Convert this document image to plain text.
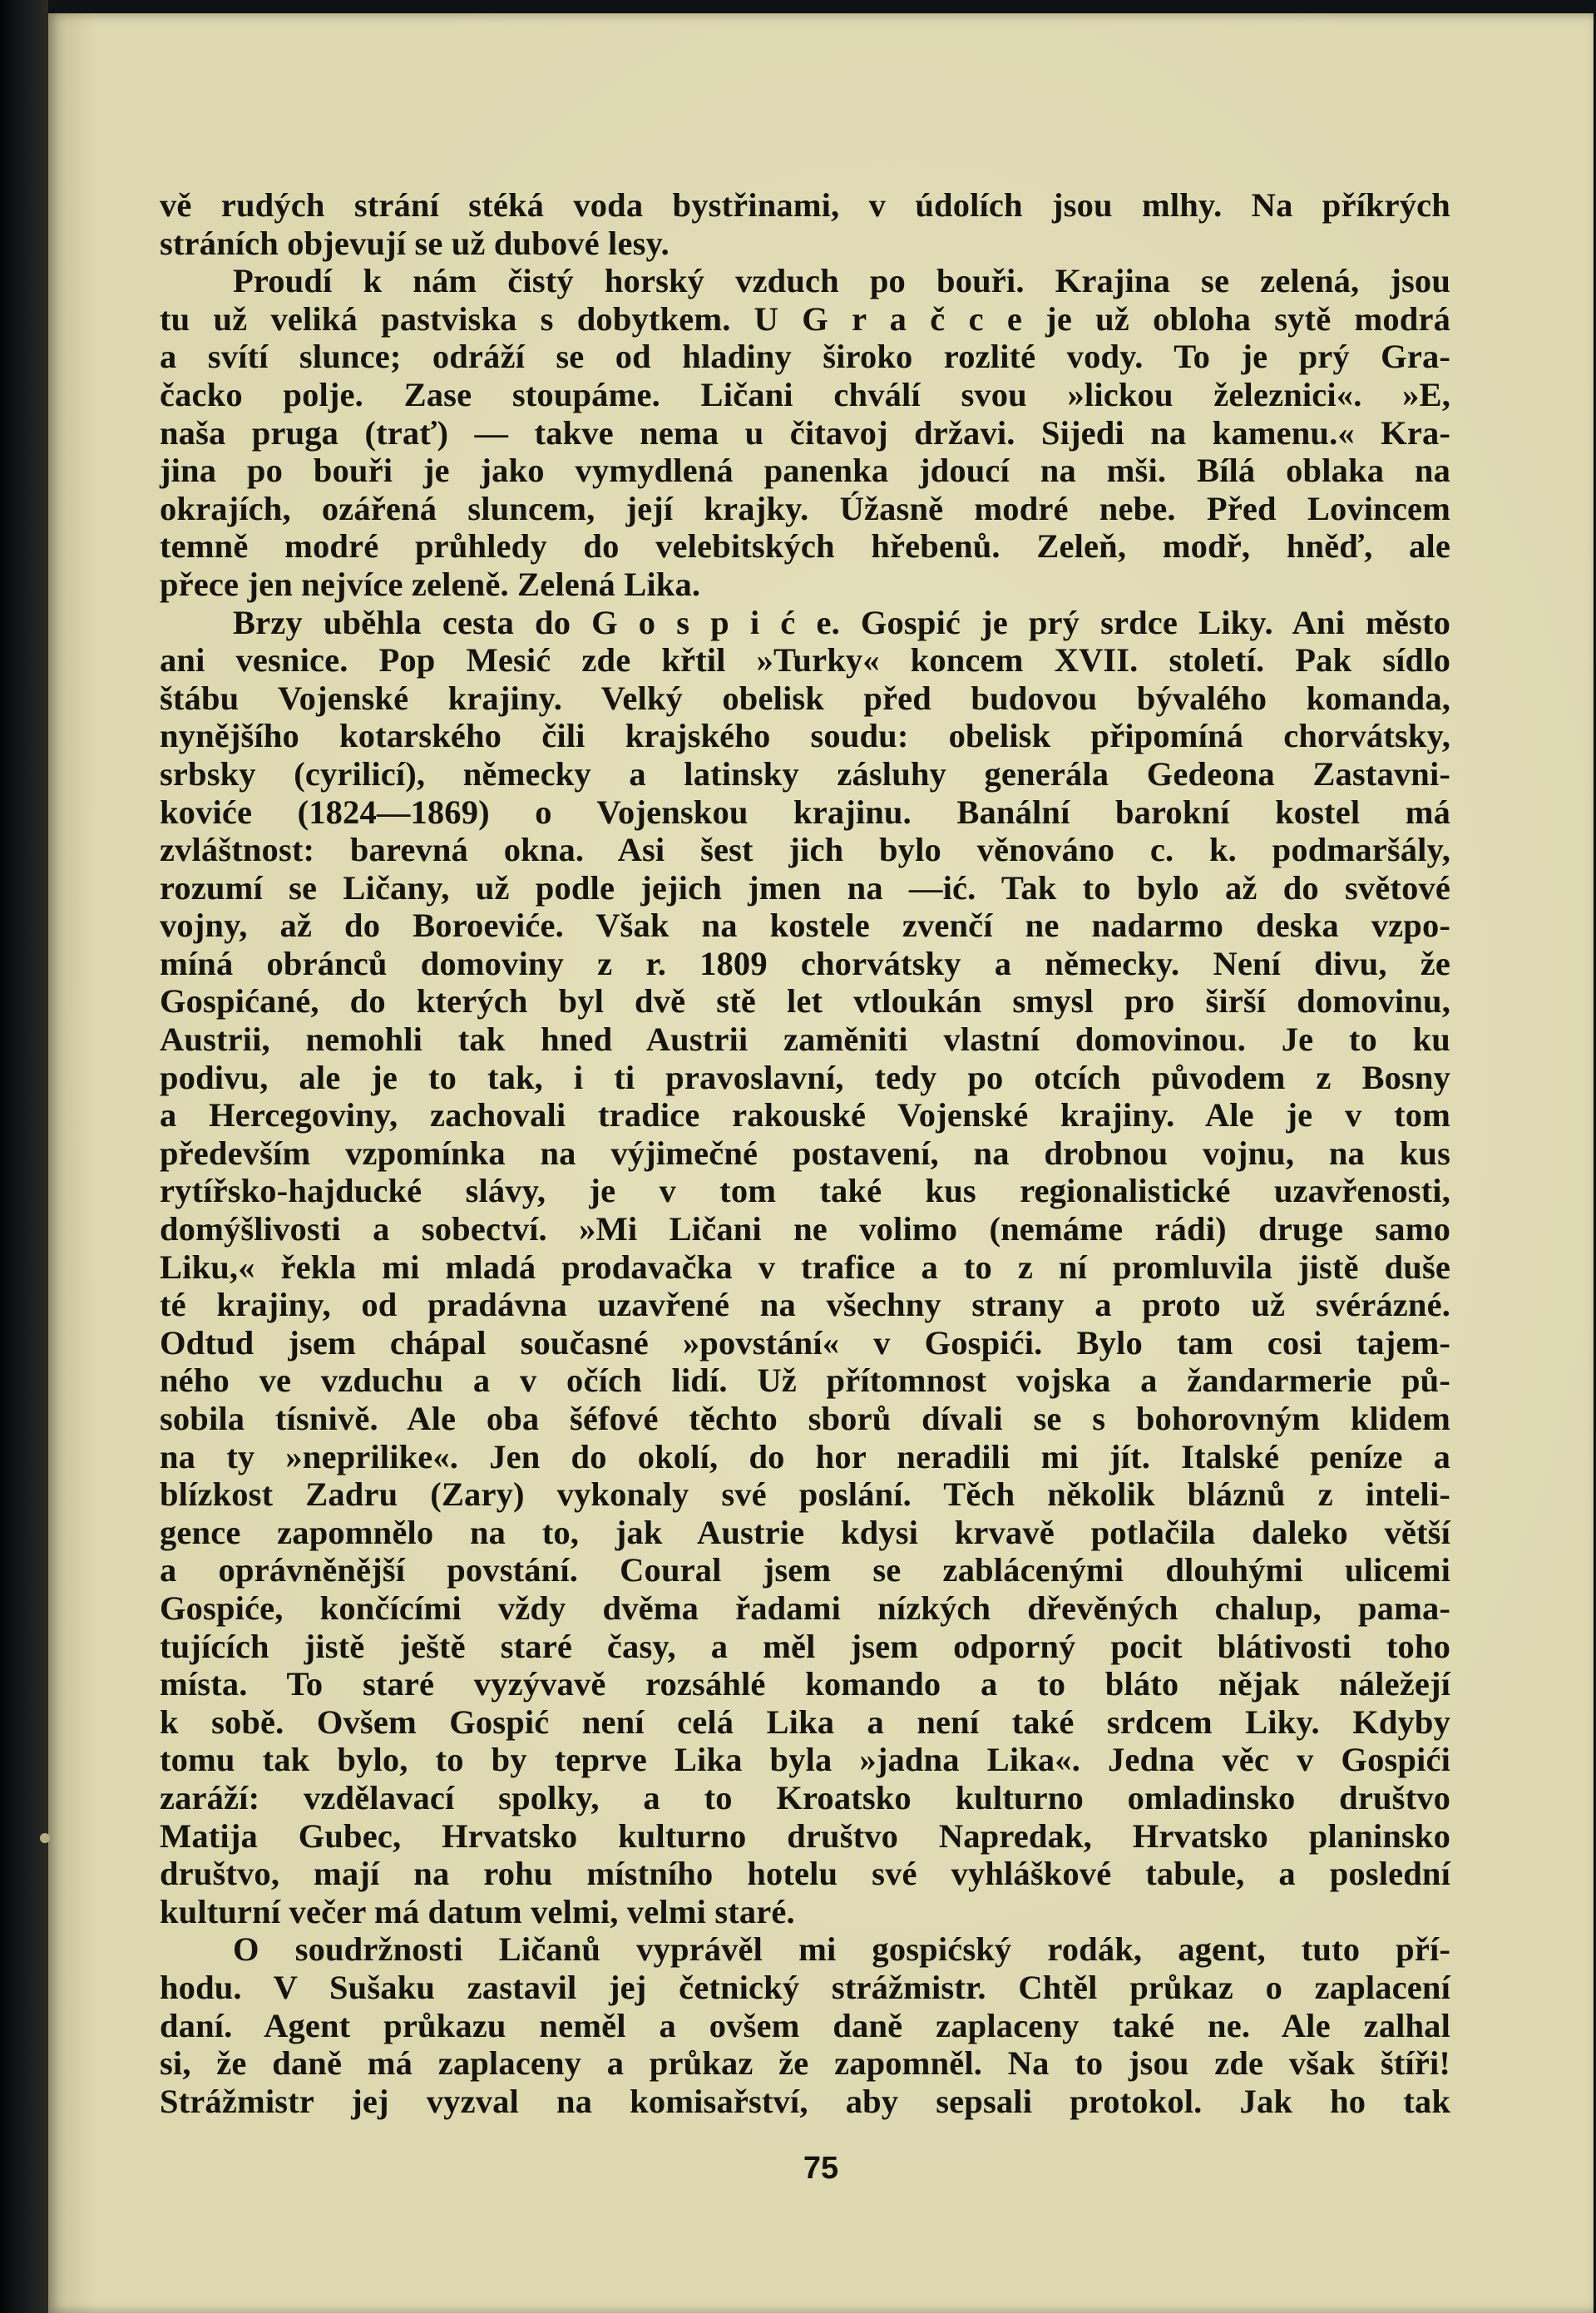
vě rudých strání stéká voda bystřinami, v údolích jsou mlhy. Na příkrých
stráních objevují se už dubové lesy.
Proudí k nám čistý horský vzduch po bouři. Krajina se zelená, jsou
tu už veliká pastviska s dobytkem. U G r a č c e je už obloha sytě modrá
a svítí slunce; odráží se od hladiny široko rozlité vody. To je prý Gra-
čacko polje. Zase stoupáme. Ličani chválí svou »lickou železnici«. »E,
naša pruga (trať) — takve nema u čitavoj državi. Sijedi na kamenu.« Kra-
jina po bouři je jako vymydlená panenka jdoucí na mši. Bílá oblaka na
okrajích, ozářená sluncem, její krajky. Úžasně modré nebe. Před Lovincem
temně modré průhledy do velebitských hřebenů. Zeleň, modř, hněď, ale
přece jen nejvíce zeleně. Zelená Lika.
Brzy uběhla cesta do G o s p i ć e. Gospić je prý srdce Liky. Ani město
ani vesnice. Pop Mesić zde křtil »Turky« koncem XVII. století. Pak sídlo
štábu Vojenské krajiny. Velký obelisk před budovou bývalého komanda,
nynějšího kotarského čili krajského soudu: obelisk připomíná chorvátsky,
srbsky (cyrilicí), německy a latinsky zásluhy generála Gedeona Zastavni-
koviće (1824—1869) o Vojenskou krajinu. Banální barokní kostel má
zvláštnost: barevná okna. Asi šest jich bylo věnováno c. k. podmaršály,
rozumí se Ličany, už podle jejich jmen na —ić. Tak to bylo až do světové
vojny, až do Boroeviće. Však na kostele zvenčí ne nadarmo deska vzpo-
míná obránců domoviny z r. 1809 chorvátsky a německy. Není divu, že
Gospićané, do kterých byl dvě stě let vtloukán smysl pro širší domovinu,
Austrii, nemohli tak hned Austrii zaměniti vlastní domovinou. Je to ku
podivu, ale je to tak, i ti pravoslavní, tedy po otcích původem z Bosny
a Hercegoviny, zachovali tradice rakouské Vojenské krajiny. Ale je v tom
především vzpomínka na výjimečné postavení, na drobnou vojnu, na kus
rytířsko-hajducké slávy, je v tom také kus regionalistické uzavřenosti,
domýšlivosti a sobectví. »Mi Ličani ne volimo (nemáme rádi) druge samo
Liku,« řekla mi mladá prodavačka v trafice a to z ní promluvila jistě duše
té krajiny, od pradávna uzavřené na všechny strany a proto už svérázné.
Odtud jsem chápal současné »povstání« v Gospići. Bylo tam cosi tajem-
ného ve vzduchu a v očích lidí. Už přítomnost vojska a žandarmerie pů-
sobila tísnivě. Ale oba šéfové těchto sborů dívali se s bohorovným klidem
na ty »neprilike«. Jen do okolí, do hor neradili mi jít. Italské peníze a
blízkost Zadru (Zary) vykonaly své poslání. Těch několik bláznů z inteli-
gence zapomnělo na to, jak Austrie kdysi krvavě potlačila daleko větší
a oprávněnější povstání. Coural jsem se zablácenými dlouhými ulicemi
Gospiće, končícími vždy dvěma řadami nízkých dřevěných chalup, pama-
tujících jistě ještě staré časy, a měl jsem odporný pocit blátivosti toho
místa. To staré vyzývavě rozsáhlé komando a to bláto nějak náležejí
k sobě. Ovšem Gospić není celá Lika a není také srdcem Liky. Kdyby
tomu tak bylo, to by teprve Lika byla »jadna Lika«. Jedna věc v Gospići
zaráží: vzdělavací spolky, a to Kroatsko kulturno omladinsko društvo
Matija Gubec, Hrvatsko kulturno društvo Napredak, Hrvatsko planinsko
društvo, mají na rohu místního hotelu své vyhláškové tabule, a poslední
kulturní večer má datum velmi, velmi staré.
O soudržnosti Ličanů vyprávěl mi gospićský rodák, agent, tuto pří-
hodu. V Sušaku zastavil jej četnický strážmistr. Chtěl průkaz o zaplacení
daní. Agent průkazu neměl a ovšem daně zaplaceny také ne. Ale zalhal
si, že daně má zaplaceny a průkaz že zapomněl. Na to jsou zde však štíři!
Strážmistr jej vyzval na komisařství, aby sepsali protokol. Jak ho tak
75
